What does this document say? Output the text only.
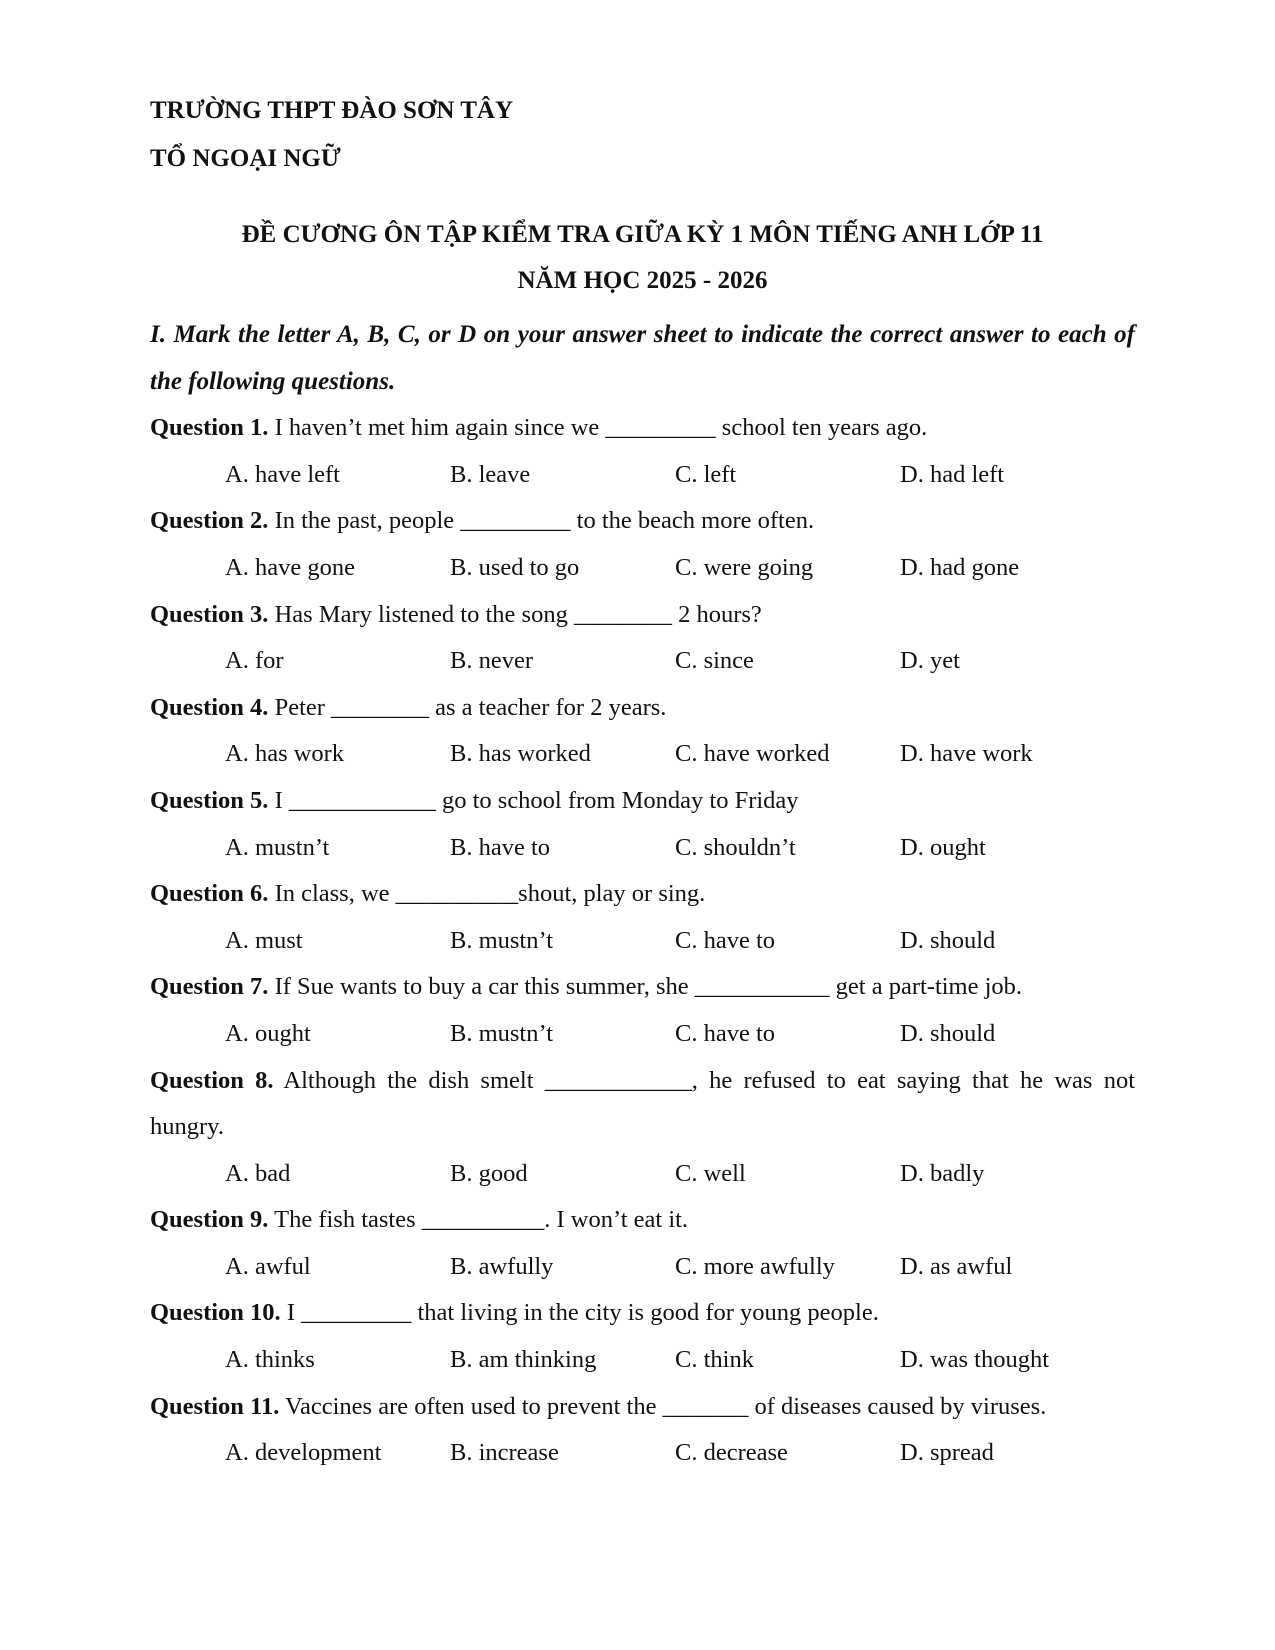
TRƯỜNG THPT ĐÀO SƠN TÂY
TỔ NGOẠI NGỮ
ĐỀ CƯƠNG ÔN TẬP KIỂM TRA GIỮA KỲ 1 MÔN TIẾNG ANH LỚP 11
NĂM HỌC 2025 - 2026
I. Mark the letter A, B, C, or D on your answer sheet to indicate the correct answer to each of the following questions.
Question 1. I haven’t met him again since we _________ school ten years ago.
A. have left	B. leave	C. left	D. had left
Question 2. In the past, people _________ to the beach more often.
A. have gone	B. used to go	C. were going	D. had gone
Question 3. Has Mary listened to the song ________ 2 hours?
A. for	B. never	C. since	D. yet
Question 4. Peter ________ as a teacher for 2 years.
A. has work	B. has worked	C. have worked	D. have work
Question 5. I ____________ go to school from Monday to Friday
A. mustn’t	B. have to	C. shouldn’t	D. ought
Question 6. In class, we __________shout, play or sing.
A. must	B. mustn’t	C. have to	D. should
Question 7. If Sue wants to buy a car this summer, she ___________ get a part-time job.
A. ought	B. mustn’t	C. have to	D. should
Question 8. Although the dish smelt ____________, he refused to eat saying that he was not hungry.
A. bad	B. good	C. well	D. badly
Question 9. The fish tastes __________. I won’t eat it.
A. awful	B. awfully	C. more awfully	D. as awful
Question 10. I _________ that living in the city is good for young people.
A. thinks	B. am thinking	C. think	D. was thought
Question 11. Vaccines are often used to prevent the _______ of diseases caused by viruses.
A. development	B. increase	C. decrease	D. spread
